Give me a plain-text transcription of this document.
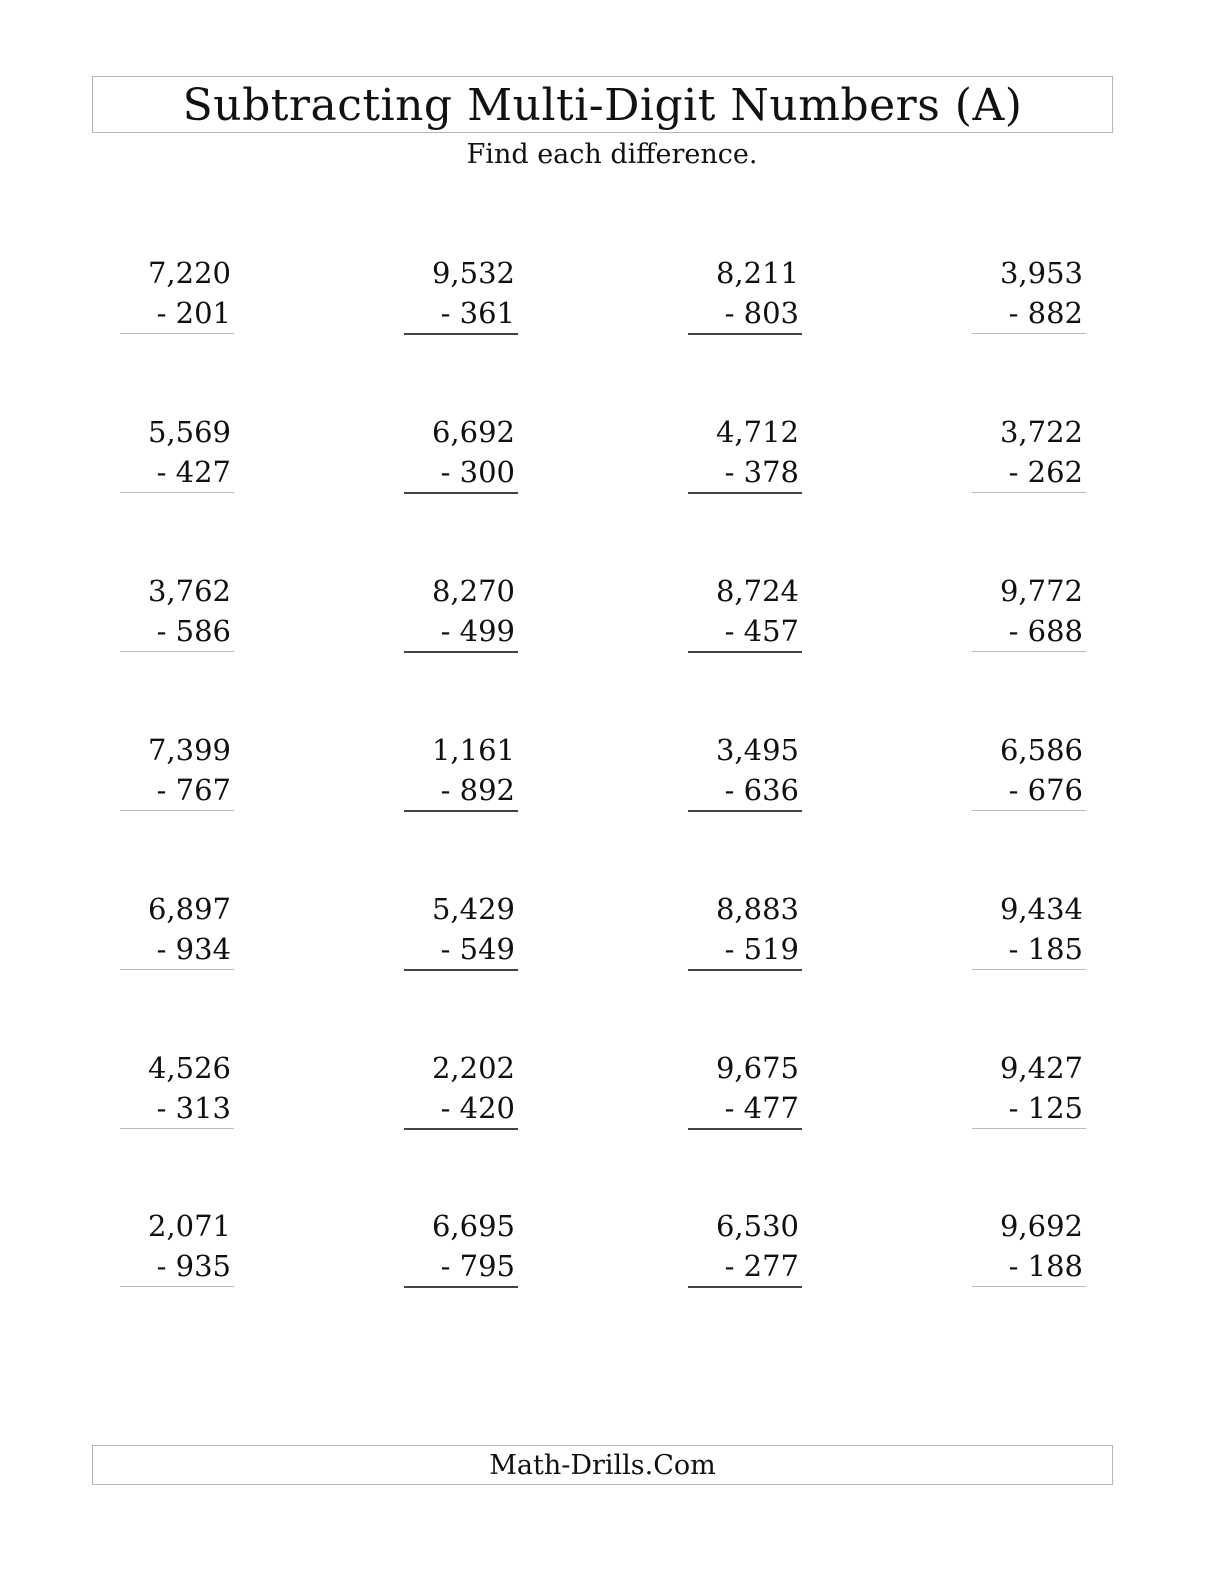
Subtracting Multi-Digit Numbers (A)
Find each difference.
7,220
- 201
9,532
- 361
8,211
- 803
3,953
- 882
5,569
- 427
6,692
- 300
4,712
- 378
3,722
- 262
3,762
- 586
8,270
- 499
8,724
- 457
9,772
- 688
7,399
- 767
1,161
- 892
3,495
- 636
6,586
- 676
6,897
- 934
5,429
- 549
8,883
- 519
9,434
- 185
4,526
- 313
2,202
- 420
9,675
- 477
9,427
- 125
2,071
- 935
6,695
- 795
6,530
- 277
9,692
- 188
Math-Drills.Com
